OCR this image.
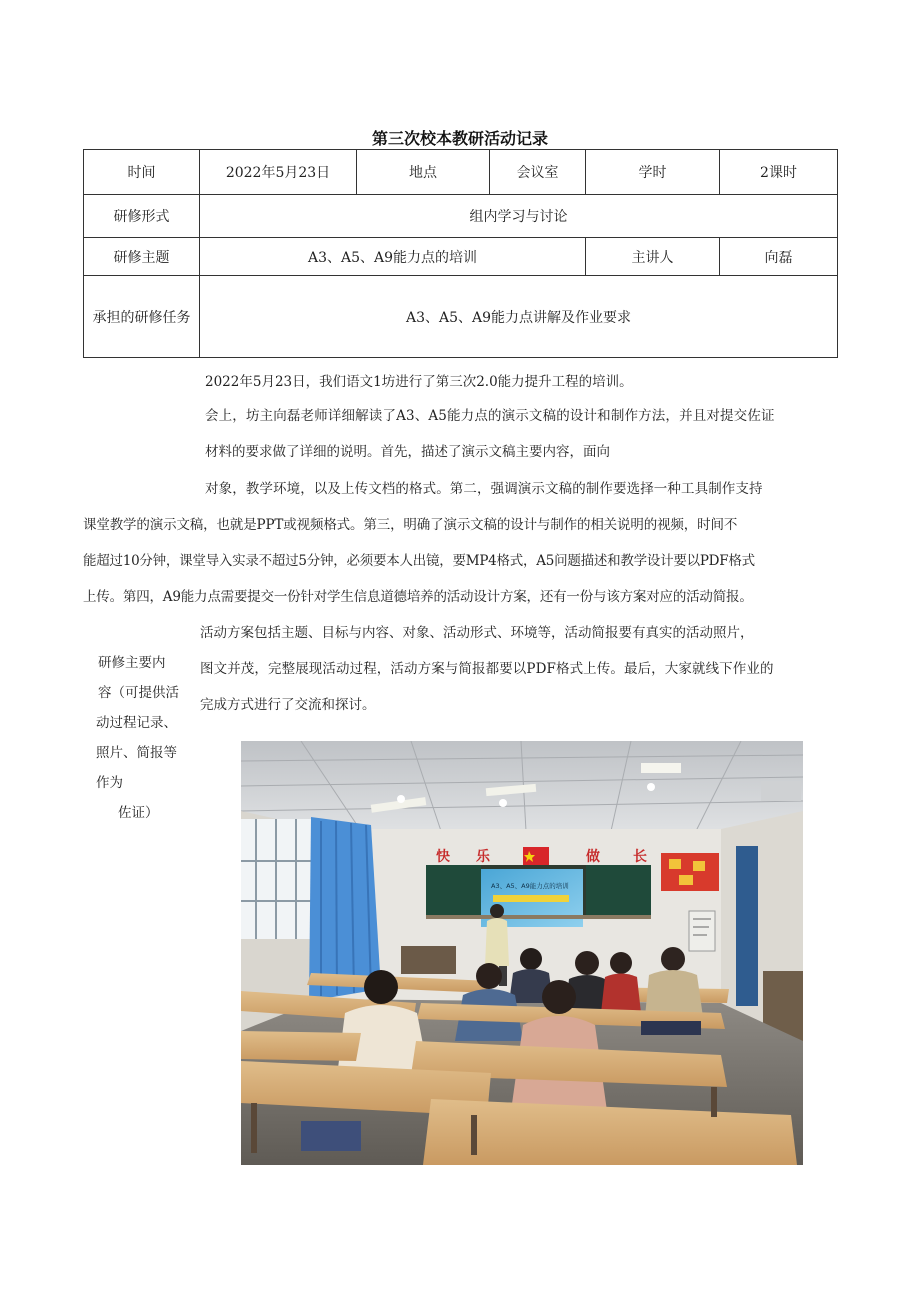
第三次校本教研活动记录
时间	2022年5月23日	地点	会议室	学时	2课时
研修形式	组内学习与讨论				
研修主题	A3、A5、A9能力点的培训			主讲人	向磊
承担的研修任务	A3、A5、A9能力点讲解及作业要求				
2022年5月23日，我们语文1坊进行了第三次2.0能力提升工程的培训。
会上，坊主向磊老师详细解读了A3、A5能力点的演示文稿的设计和制作方法，并且对提交佐证
材料的要求做了详细的说明。首先，描述了演示文稿主要内容，面向
对象，教学环境，以及上传文档的格式。第二，强调演示文稿的制作要选择一种工具制作支持
课堂教学的演示文稿，也就是PPT或视频格式。第三，明确了演示文稿的设计与制作的相关说明的视频，时间不
能超过10分钟，课堂导入实录不超过5分钟，必须要本人出镜，要MP4格式，A5问题描述和教学设计要以PDF格式
上传。第四，A9能力点需要提交一份针对学生信息道德培养的活动设计方案，还有一份与该方案对应的活动简报。
活动方案包括主题、目标与内容、对象、活动形式、环境等，活动简报要有真实的活动照片，
图文并茂，完整展现活动过程，活动方案与简报都要以PDF格式上传。最后，大家就线下作业的
完成方式进行了交流和探讨。
研修主要内
容（可提供活
动过程记录、
照片、简报等
作为
佐证）
快 乐	做 长
A3、A5、A9能力点的培训
